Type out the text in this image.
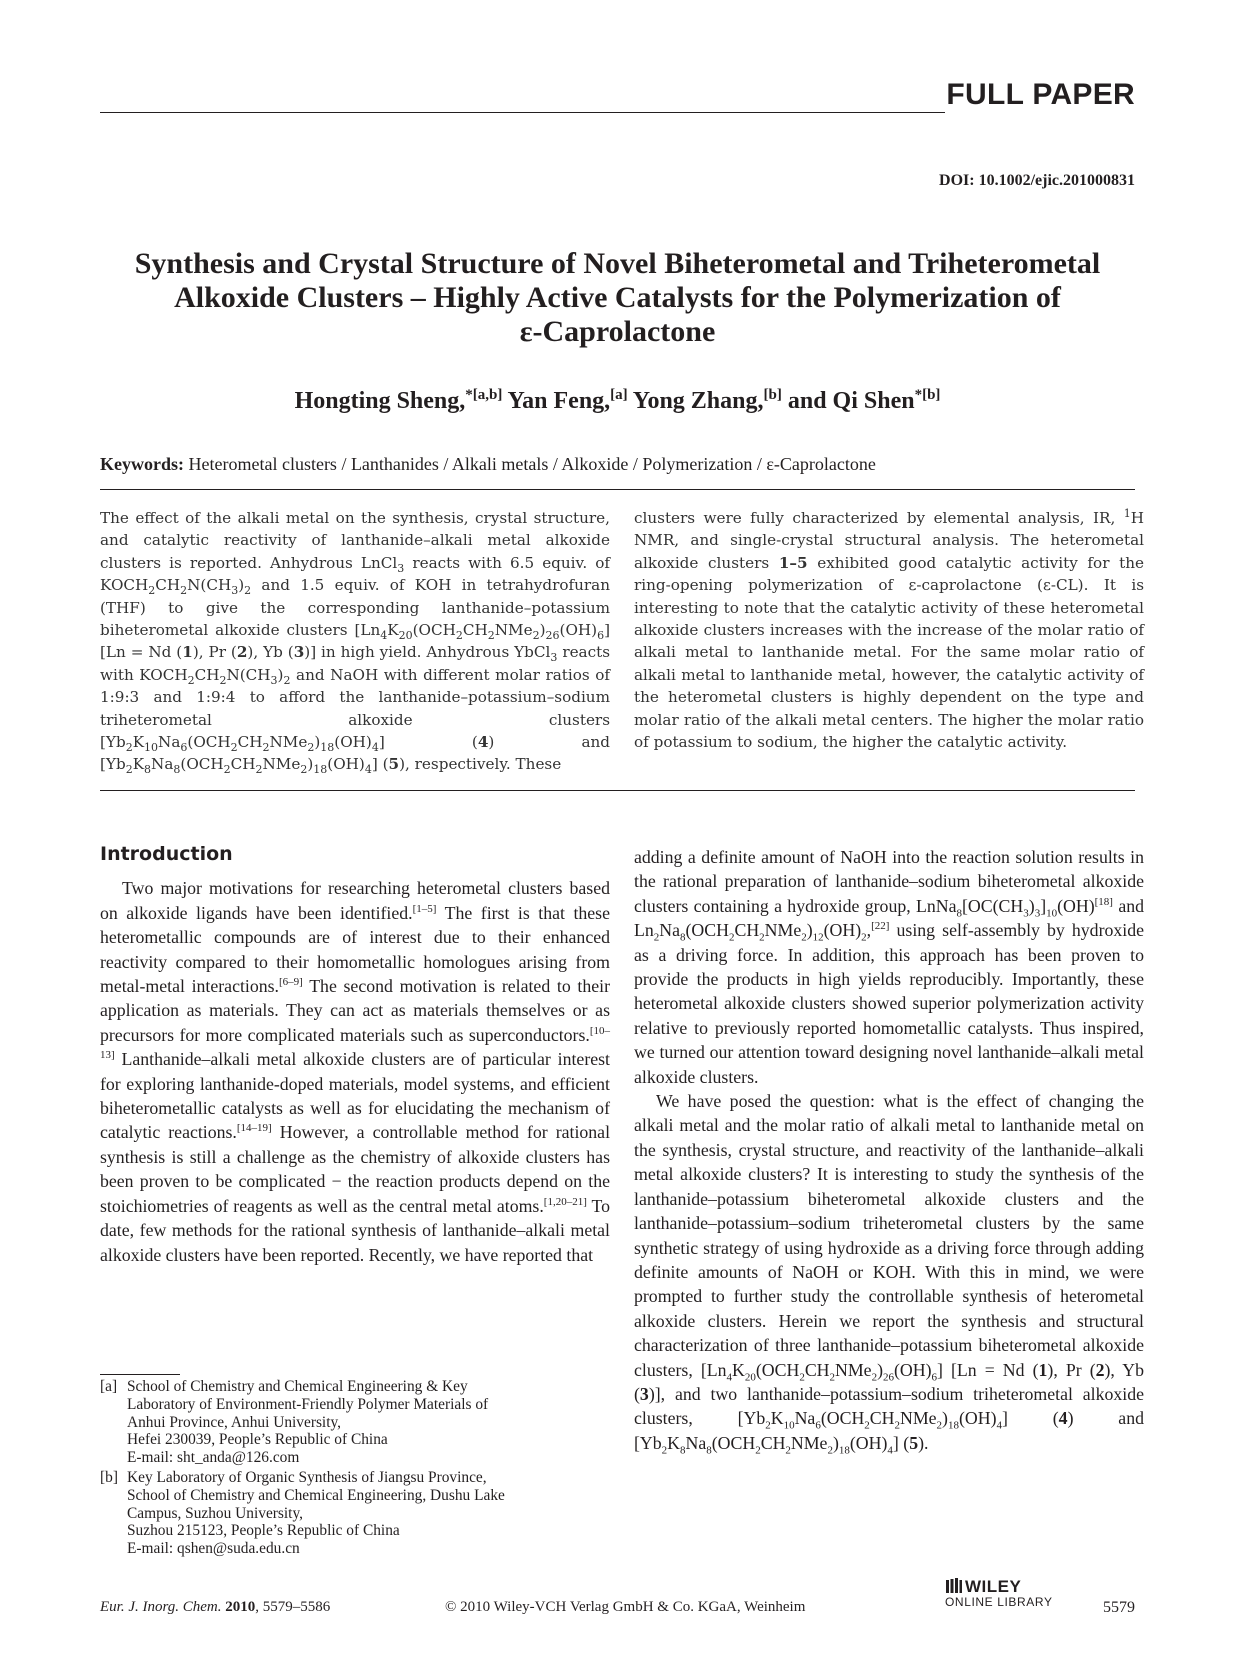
FULL PAPER
DOI: 10.1002/ejic.201000831
Synthesis and Crystal Structure of Novel Biheterometal and Triheterometal
Alkoxide Clusters – Highly Active Catalysts for the Polymerization of
ε-Caprolactone
Hongting Sheng,$^{*[a,b]}$ Yan Feng,[a] Yong Zhang,[b] and Qi Shen$^{*[b]}$
Keywords: Heterometal clusters / Lanthanides / Alkali metals / Alkoxide / Polymerization / ε-Caprolactone
The effect of the alkali metal on the synthesis, crystal structure, and catalytic reactivity of lanthanide–alkali metal alkoxide clusters is reported. Anhydrous LnCl$_3$ reacts with 6.5 equiv. of $KOCH_2CH_2N(CH_3)_2$ and 1.5 equiv. of KOH in tetrahydrofuran (THF) to give the corresponding lanthanide–potassium biheterometal alkoxide clusters $[Ln_4K_{20}(OCH_2CH_2NMe_2)_{26}(OH)_6] [Ln = Nd$ (1), Pr (2), Yb (3)] in high yield. Anhydrous YbCl$_3$ reacts with $KOCH_2CH_2N(CH_3)_2$ and NaOH with different molar ratios of 1:9:3 and 1:9:4 to afford the lanthanide–potassium–sodium triheterometal alkoxide clusters $[Yb_2K_{10}Na_6(OCH_2CH_2NMe_2)_{18}(OH)_4]$ (4) and $[Yb_2K_8Na_8(OCH_2CH_2NMe_2)_{18}(OH)_4]$ (5), respectively. These
clusters were fully characterized by elemental analysis, IR, $^1$H NMR, and single-crystal structural analysis. The heterometal alkoxide clusters 1–5 exhibited good catalytic activity for the ring-opening polymerization of ε-caprolactone (ε-CL). It is interesting to note that the catalytic activity of these heterometal alkoxide clusters increases with the increase of the molar ratio of alkali metal to lanthanide metal. For the same molar ratio of alkali metal to lanthanide metal, however, the catalytic activity of the heterometal clusters is highly dependent on the type and molar ratio of the alkali metal centers. The higher the molar ratio of potassium to sodium, the higher the catalytic activity.
Introduction

Two major motivations for researching heterometal clusters based on alkoxide ligands have been identified.[1–5] The first is that these heterometallic compounds are of interest due to their enhanced reactivity compared to their homometallic homologues arising from metal-metal interactions.[6–9] The second motivation is related to their application as materials. They can act as materials themselves or as precursors for more complicated materials such as superconductors.[10–13] Lanthanide–alkali metal alkoxide clusters are of particular interest for exploring lanthanide-doped materials, model systems, and efficient biheterometallic catalysts as well as for elucidating the mechanism of catalytic reactions.[14–19] However, a controllable method for rational synthesis is still a challenge as the chemistry of alkoxide clusters has been proven to be complicated − the reaction products depend on the stoichiometries of reagents as well as the central metal atoms.[1,20–21] To date, few methods for the rational synthesis of lanthanide–alkali metal alkoxide clusters have been reported. Recently, we have reported that

[a] School of Chemistry and Chemical Engineering & Key
Laboratory of Environment-Friendly Polymer Materials of
Anhui Province, Anhui University,
Hefei 230039, People’s Republic of China
E-mail: sht_anda@126.com
[b] Key Laboratory of Organic Synthesis of Jiangsu Province,
School of Chemistry and Chemical Engineering, Dushu Lake
Campus, Suzhou University,
Suzhou 215123, People’s Republic of China
E-mail: qshen@suda.edu.cn

adding a definite amount of NaOH into the reaction solution results in the rational preparation of lanthanide–sodium biheterometal alkoxide clusters containing a hydroxide group, $LnNa_8[OC(CH_3)_3]_{10}(OH)[18]$ and $Ln_2Na_8(OCH_2CH_2NMe_2)_{12}(OH)_2,[22]$ using self-assembly by hydroxide as a driving force. In addition, this approach has been proven to provide the products in high yields reproducibly. Importantly, these heterometal alkoxide clusters showed superior polymerization activity relative to previously reported homometallic catalysts. Thus inspired, we turned our attention toward designing novel lanthanide–alkali metal alkoxide clusters.

We have posed the question: what is the effect of changing the alkali metal and the molar ratio of alkali metal to lanthanide metal on the synthesis, crystal structure, and reactivity of the lanthanide–alkali metal alkoxide clusters? It is interesting to study the synthesis of the lanthanide–potassium biheterometal alkoxide clusters and the lanthanide–potassium–sodium triheterometal clusters by the same synthetic strategy of using hydroxide as a driving force through adding definite amounts of NaOH or KOH. With this in mind, we were prompted to further study the controllable synthesis of heterometal alkoxide clusters. Herein we report the synthesis and structural characterization of three lanthanide–potassium biheterometal alkoxide clusters, $[Ln_4K_{20}(OCH_2CH_2NMe_2)_{26}(OH)_6] [Ln = Nd$ (1), Pr (2), Yb (3)], and two lanthanide–potassium–sodium triheterometal alkoxide clusters, $[Yb_2K_{10}Na_6(OCH_2CH_2NMe_2)_{18}(OH)_4]$ (4) and $[Yb_2K_8Na_8(OCH_2CH_2NMe_2)_{18}(OH)_4]$ (5).

Eur. J. Inorg. Chem. 2010, 5579–5586	© 2010 Wiley-VCH Verlag GmbH & Co. KGaA, Weinheim
WILEY
ONLINE LIBRARY	5579
